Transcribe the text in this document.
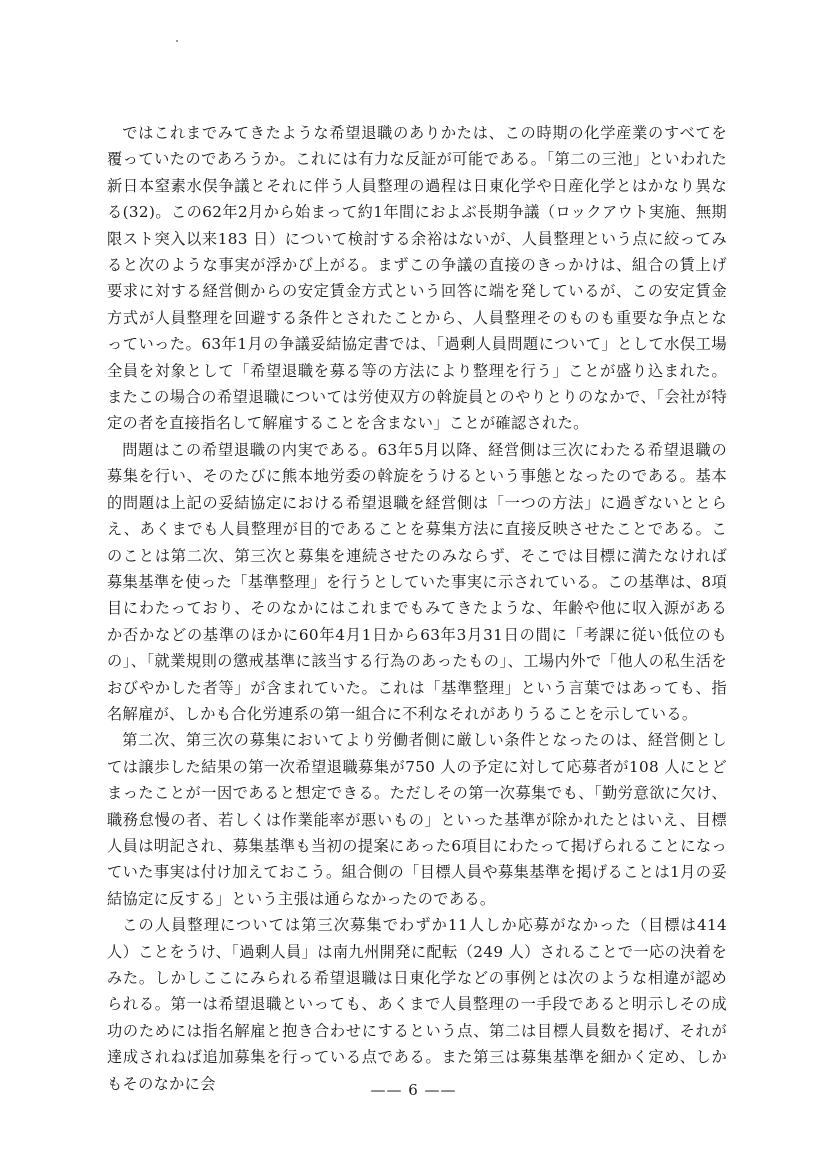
ではこれまでみてきたような希望退職のありかたは、この時期の化学産業のすべてを覆っていたのであろうか。これには有力な反証が可能である。「第二の三池」といわれた新日本窒素水俣争議とそれに伴う人員整理の過程は日東化学や日産化学とはかなり異なる(32)。この62年2月から始まって約1年間におよぶ長期争議（ロックアウト実施、無期限スト突入以来183 日）について検討する余裕はないが、人員整理という点に絞ってみると次のような事実が浮かび上がる。まずこの争議の直接のきっかけは、組合の賃上げ要求に対する経営側からの安定賃金方式という回答に端を発しているが、この安定賃金方式が人員整理を回避する条件とされたことから、人員整理そのものも重要な争点となっていった。63年1月の争議妥結協定書では、「過剰人員問題について」として水俣工場全員を対象として「希望退職を募る等の方法により整理を行う」ことが盛り込まれた。またこの場合の希望退職については労使双方の斡旋員とのやりとりのなかで、「会社が特定の者を直接指名して解雇することを含まない」ことが確認された。

問題はこの希望退職の内実である。63年5月以降、経営側は三次にわたる希望退職の募集を行い、そのたびに熊本地労委の斡旋をうけるという事態となったのである。基本的問題は上記の妥結協定における希望退職を経営側は「一つの方法」に過ぎないととらえ、あくまでも人員整理が目的であることを募集方法に直接反映させたことである。このことは第二次、第三次と募集を連続させたのみならず、そこでは目標に満たなければ募集基準を使った「基準整理」を行うとしていた事実に示されている。この基準は、8項目にわたっており、そのなかにはこれまでもみてきたような、年齢や他に収入源があるか否かなどの基準のほかに60年4月1日から63年3月31日の間に「考課に従い低位のもの」、「就業規則の懲戒基準に該当する行為のあったもの」、工場内外で「他人の私生活をおびやかした者等」が含まれていた。これは「基準整理」という言葉ではあっても、指名解雇が、しかも合化労連系の第一組合に不利なそれがありうることを示している。

第二次、第三次の募集においてより労働者側に厳しい条件となったのは、経営側としては譲歩した結果の第一次希望退職募集が750 人の予定に対して応募者が108 人にとどまったことが一因であると想定できる。ただしその第一次募集でも、「勤労意欲に欠け、職務怠慢の者、若しくは作業能率が悪いもの」といった基準が除かれたとはいえ、目標人員は明記され、募集基準も当初の提案にあった6項目にわたって掲げられることになっていた事実は付け加えておこう。組合側の「目標人員や募集基準を掲げることは1月の妥結協定に反する」という主張は通らなかったのである。

この人員整理については第三次募集でわずか11人しか応募がなかった（目標は414 人）ことをうけ、「過剰人員」は南九州開発に配転（249 人）されることで一応の決着をみた。しかしここにみられる希望退職は日東化学などの事例とは次のような相違が認められる。第一は希望退職といっても、あくまで人員整理の一手段であると明示しその成功のためには指名解雇と抱き合わせにするという点、第二は目標人員数を掲げ、それが達成されねば追加募集を行っている点である。また第三は募集基準を細かく定め、しかもそのなかに会	—— 6 ——
